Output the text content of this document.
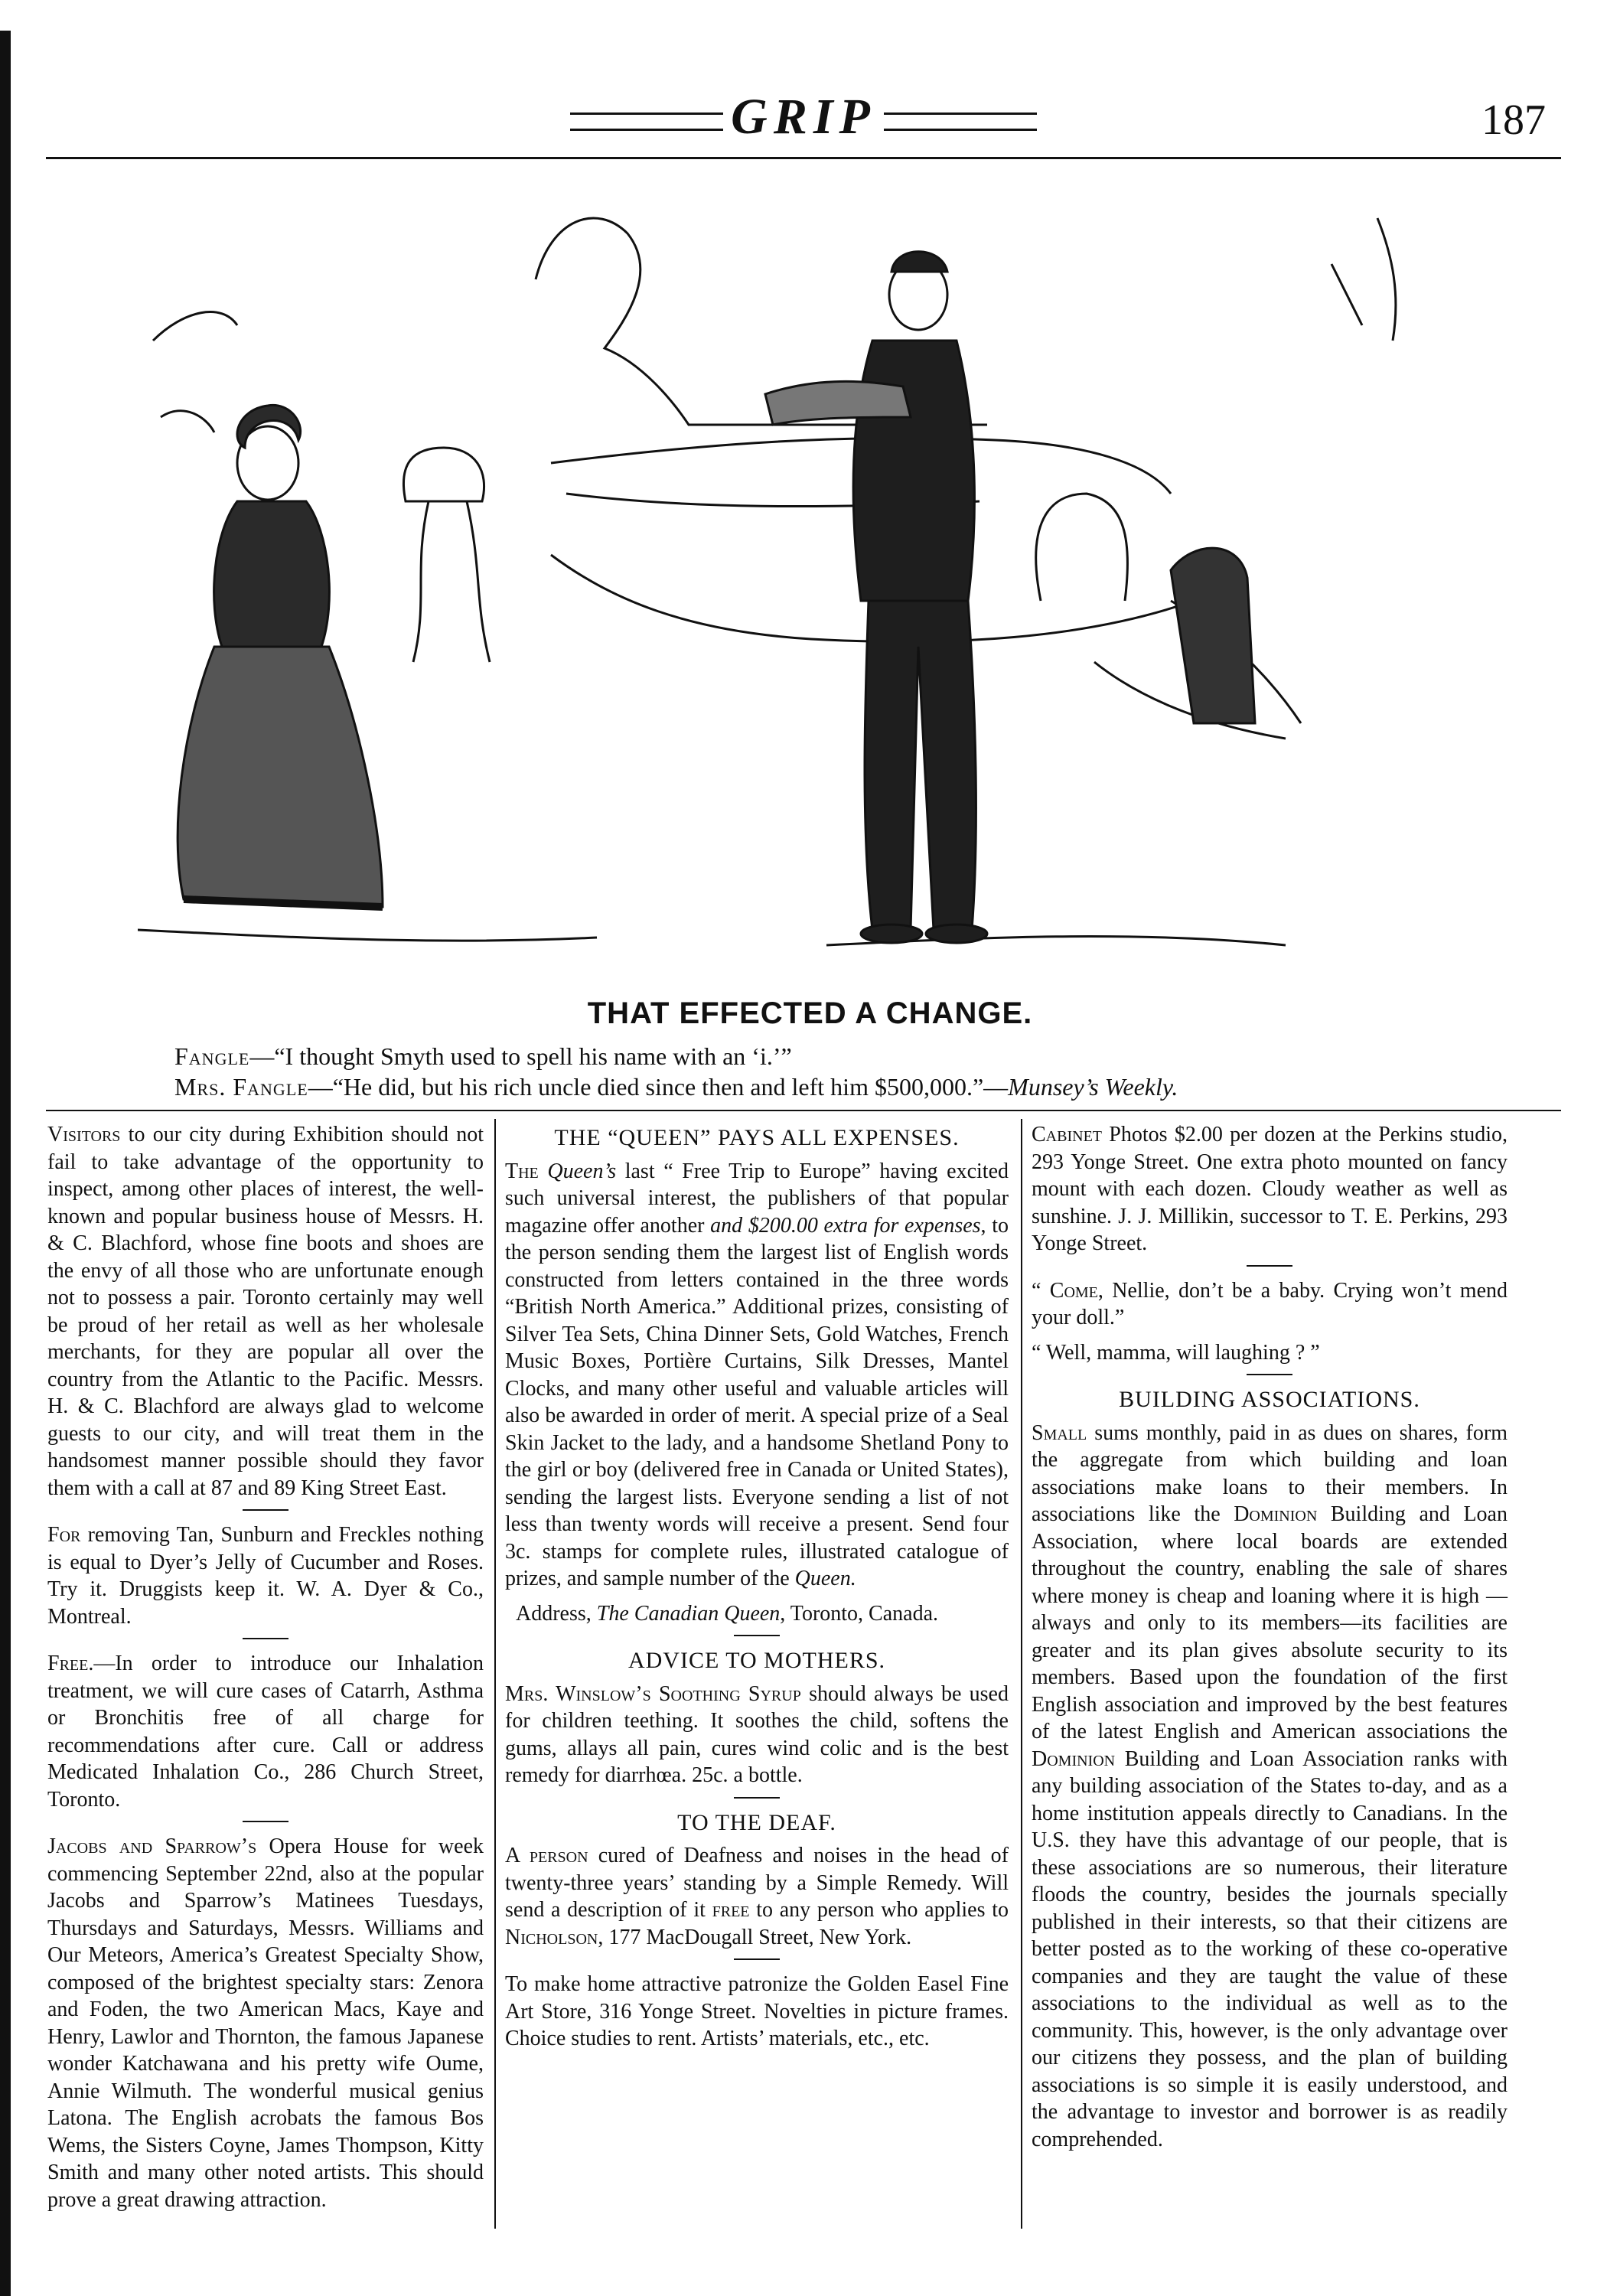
GRIP	187
THAT EFFECTED A CHANGE.
Fangle—“I thought Smyth used to spell his name with an ‘i.’”
Mrs. Fangle—“He did, but his rich uncle died since then and left him $500,000.”—Munsey’s Weekly.

Visitors to our city during Exhibition should not fail to take advantage of the opportunity to inspect, among other places of interest, the well-known and popular business house of Messrs. H. & C. Blachford, whose fine boots and shoes are the envy of all those who are unfortunate enough not to possess a pair. Toronto certainly may well be proud of her retail as well as her wholesale merchants, for they are popular all over the country from the Atlantic to the Pacific. Messrs. H. & C. Blachford are always glad to welcome guests to our city, and will treat them in the handsomest manner possible should they favor them with a call at 87 and 89 King Street East.

For removing Tan, Sunburn and Freckles nothing is equal to Dyer’s Jelly of Cucumber and Roses. Try it. Druggists keep it. W. A. Dyer & Co., Montreal.

Free.—In order to introduce our Inhalation treatment, we will cure cases of Catarrh, Asthma or Bronchitis free of all charge for recommendations after cure. Call or address Medicated Inhalation Co., 286 Church Street, Toronto.

Jacobs and Sparrow’s Opera House for week commencing September 22nd, also at the popular Jacobs and Sparrow’s Matinees Tuesdays, Thursdays and Saturdays, Messrs. Williams and Our Meteors, America’s Greatest Specialty Show, composed of the brightest specialty stars: Zenora and Foden, the two American Macs, Kaye and Henry, Lawlor and Thornton, the famous Japanese wonder Katchawana and his pretty wife Oume, Annie Wilmuth. The wonderful musical genius Latona. The English acrobats the famous Bos Wems, the Sisters Coyne, James Thompson, Kitty Smith and many other noted artists. This should prove a great drawing attraction.

THE “QUEEN” PAYS ALL EXPENSES.

The Queen’s last “ Free Trip to Europe” having excited such universal interest, the publishers of that popular magazine offer another and $200.00 extra for expenses, to the person sending them the largest list of English words constructed from letters contained in the three words “British North America.” Additional prizes, consisting of Silver Tea Sets, China Dinner Sets, Gold Watches, French Music Boxes, Portière Curtains, Silk Dresses, Mantel Clocks, and many other useful and valuable articles will also be awarded in order of merit. A special prize of a Seal Skin Jacket to the lady, and a handsome Shetland Pony to the girl or boy (delivered free in Canada or United States), sending the largest lists. Everyone sending a list of not less than twenty words will receive a present. Send four 3c. stamps for complete rules, illustrated catalogue of prizes, and sample number of the Queen.

Address, The Canadian Queen, Toronto, Canada.

ADVICE TO MOTHERS.

Mrs. Winslow’s Soothing Syrup should always be used for children teething. It soothes the child, softens the gums, allays all pain, cures wind colic and is the best remedy for diarrhœa. 25c. a bottle.

TO THE DEAF.

A person cured of Deafness and noises in the head of twenty-three years’ standing by a Simple Remedy. Will send a description of it free to any person who applies to Nicholson, 177 MacDougall Street, New York.

To make home attractive patronize the Golden Easel Fine Art Store, 316 Yonge Street. Novelties in picture frames. Choice studies to rent. Artists’ materials, etc., etc.

Cabinet Photos $2.00 per dozen at the Perkins studio, 293 Yonge Street. One extra photo mounted on fancy mount with each dozen. Cloudy weather as well as sunshine. J. J. Millikin, successor to T. E. Perkins, 293 Yonge Street.

“ Come, Nellie, don’t be a baby. Crying won’t mend your doll.”

“ Well, mamma, will laughing ? ”

BUILDING ASSOCIATIONS.

Small sums monthly, paid in as dues on shares, form the aggregate from which building and loan associations make loans to their members. In associations like the Dominion Building and Loan Association, where local boards are extended throughout the country, enabling the sale of shares where money is cheap and loaning where it is high —always and only to its members—its facilities are greater and its plan gives absolute security to its members. Based upon the foundation of the first English association and improved by the best features of the latest English and American associations the Dominion Building and Loan Association ranks with any building association of the States to-day, and as a home institution appeals directly to Canadians. In the U.S. they have this advantage of our people, that is these associations are so numerous, their literature floods the country, besides the journals specially published in their interests, so that their citizens are better posted as to the working of these co-operative companies and they are taught the value of these associations to the individual as well as to the community. This, however, is the only advantage over our citizens they possess, and the plan of building associations is so simple it is easily understood, and the advantage to investor and borrower is as readily comprehended.
